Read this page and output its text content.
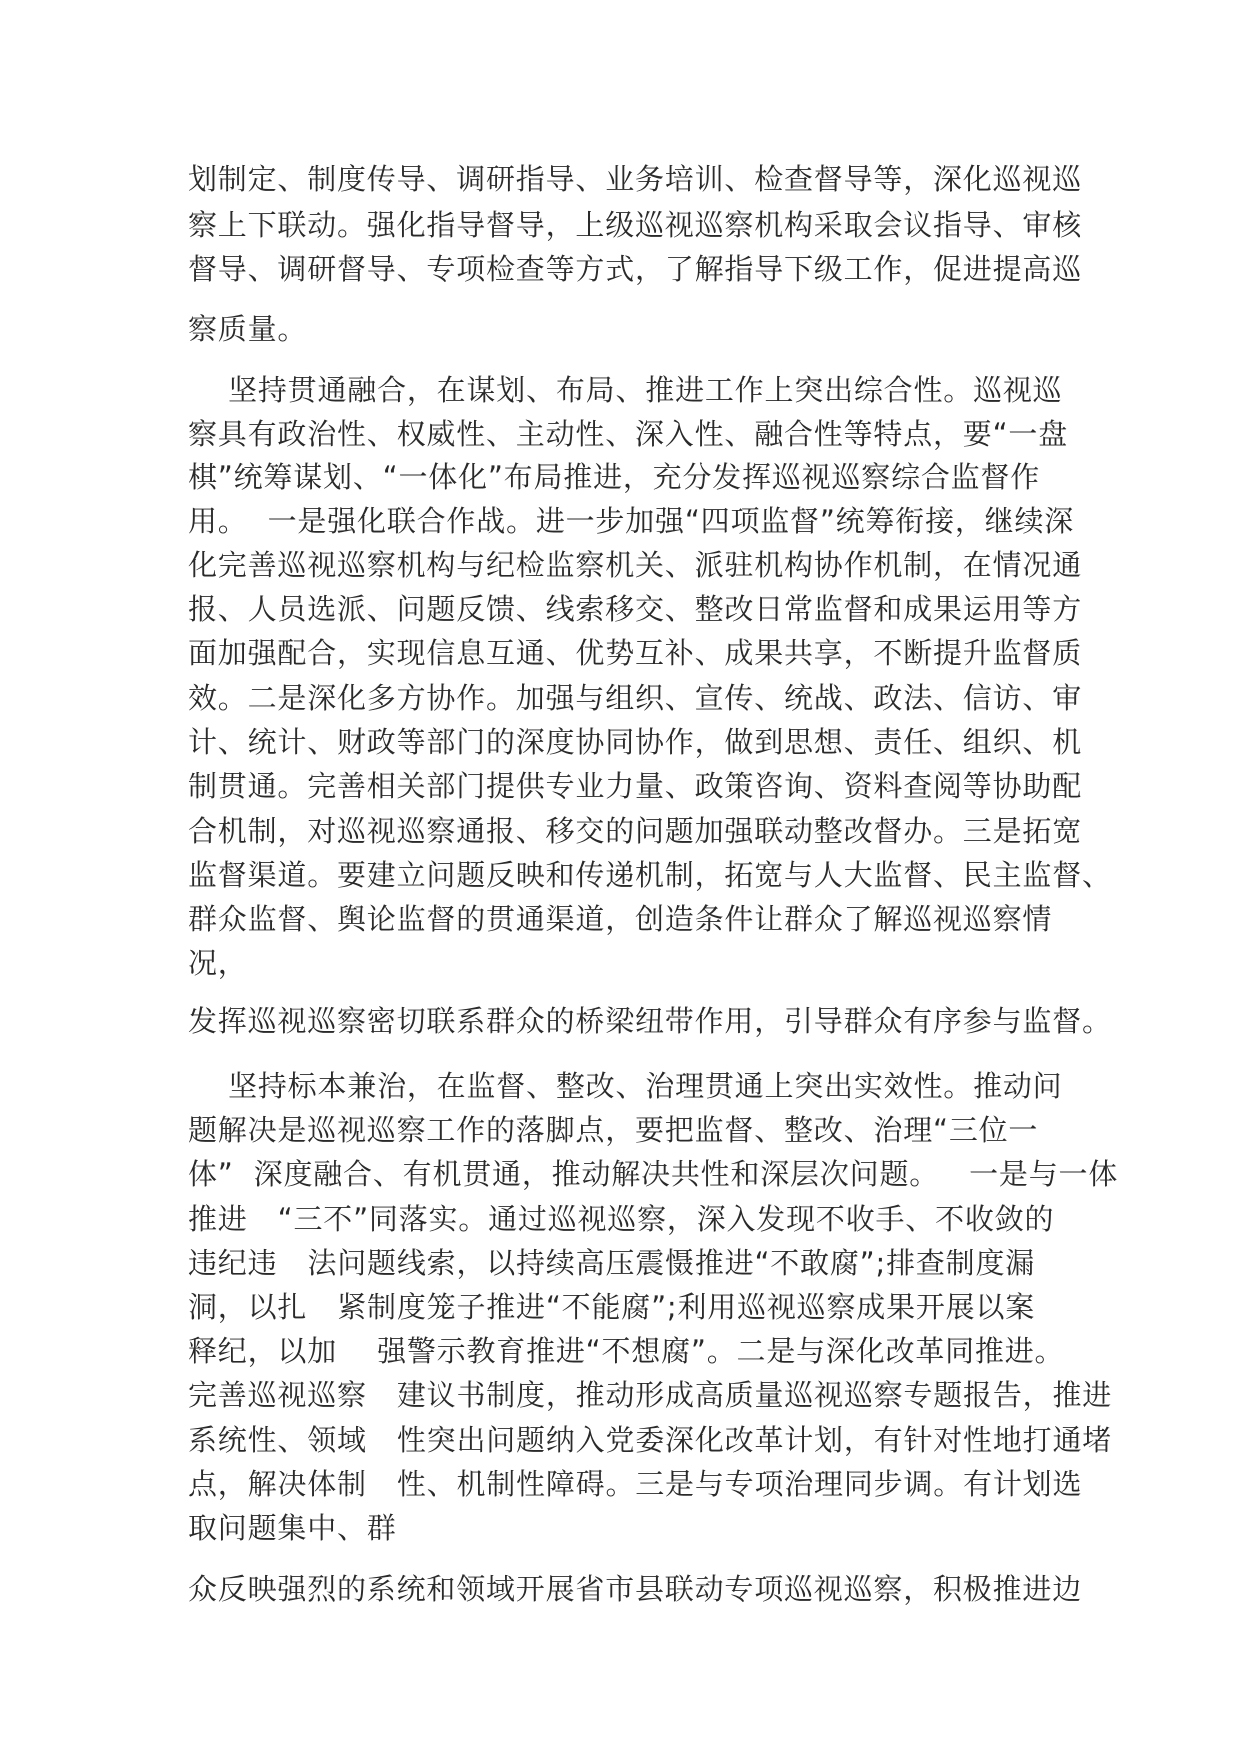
划制定、制度传导、调研指导、业务培训、检查督导等，深化巡视巡

察上下联动。强化指导督导，上级巡视巡察机构采取会议指导、审核

督导、调研督导、专项检查等方式，了解指导下级工作，促进提高巡

察质量。

坚持贯通融合，在谋划、布局、推进工作上突出综合性。巡视巡

察具有政治性、权威性、主动性、深入性、融合性等特点，要“一盘

棋”统筹谋划、“一体化”布局推进，充分发挥巡视巡察综合监督作

用。  一是强化联合作战。进一步加强“四项监督”统筹衔接，继续深

化完善巡视巡察机构与纪检监察机关、派驻机构协作机制，在情况通

报、人员选派、问题反馈、线索移交、整改日常监督和成果运用等方

面加强配合，实现信息互通、优势互补、成果共享，不断提升监督质

效。二是深化多方协作。加强与组织、宣传、统战、政法、信访、审

计、统计、财政等部门的深度协同协作，做到思想、责任、组织、机

制贯通。完善相关部门提供专业力量、政策咨询、资料查阅等协助配

合机制，对巡视巡察通报、移交的问题加强联动整改督办。三是拓宽

监督渠道。要建立问题反映和传递机制，拓宽与人大监督、民主监督、

群众监督、舆论监督的贯通渠道，创造条件让群众了解巡视巡察情

况，

发挥巡视巡察密切联系群众的桥梁纽带作用，引导群众有序参与监督。

坚持标本兼治，在监督、整改、治理贯通上突出实效性。推动问

题解决是巡视巡察工作的落脚点，要把监督、整改、治理“三位一

体”  深度融合、有机贯通，推动解决共性和深层次问题。   一是与一体

推进   “三不”同落实。通过巡视巡察，深入发现不收手、不收敛的

违纪违   法问题线索，以持续高压震慑推进“不敢腐”;排查制度漏

洞，以扎   紧制度笼子推进“不能腐”;利用巡视巡察成果开展以案

释纪，以加    强警示教育推进“不想腐”。二是与深化改革同推进。

完善巡视巡察   建议书制度，推动形成高质量巡视巡察专题报告，推进

系统性、领域   性突出问题纳入党委深化改革计划，有针对性地打通堵

点，解决体制   性、机制性障碍。三是与专项治理同步调。有计划选

取问题集中、群

众反映强烈的系统和领域开展省市县联动专项巡视巡察，积极推进边
